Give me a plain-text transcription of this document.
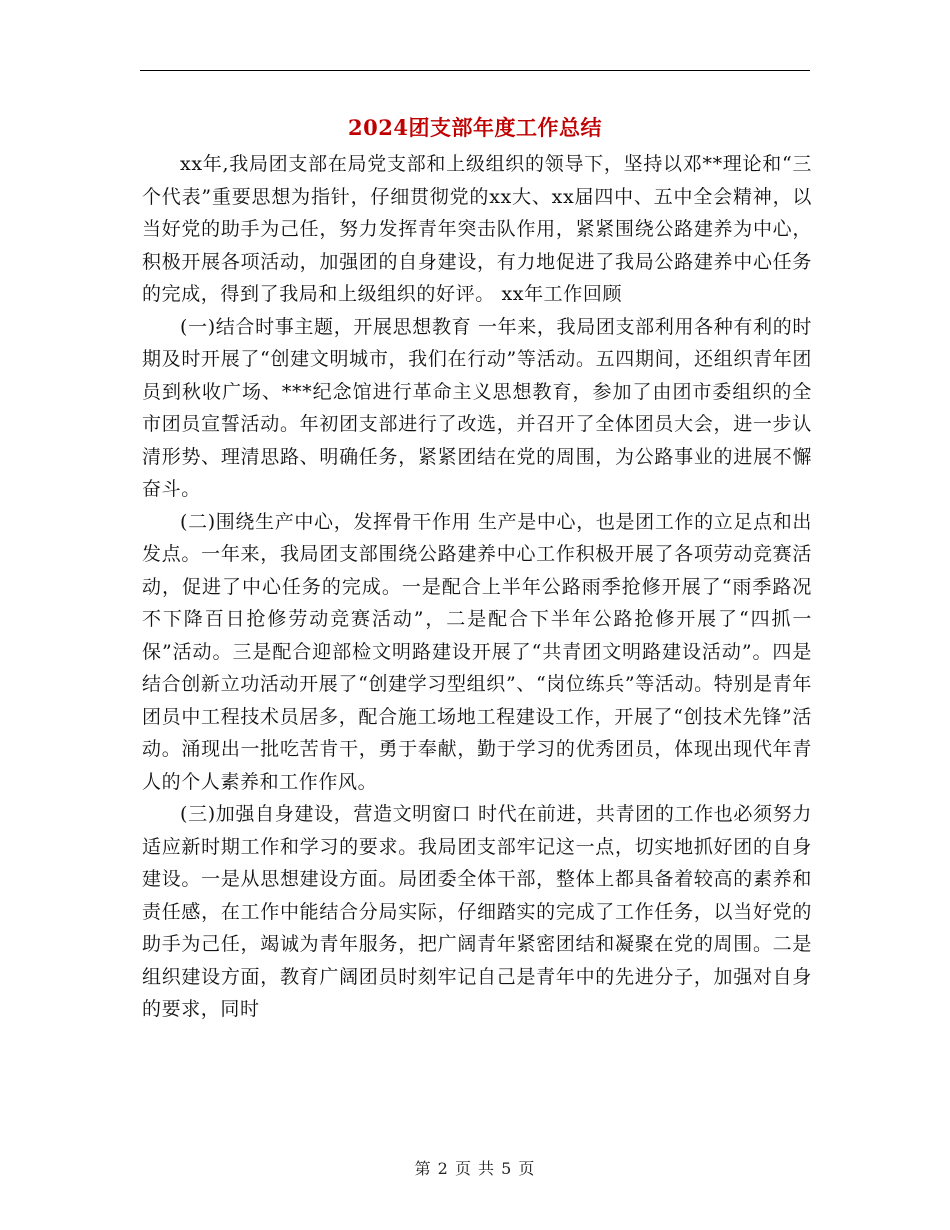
2024团支部年度工作总结

xx年,我局团支部在局党支部和上级组织的领导下，坚持以邓**理论和“三个代表”重要思想为指针，仔细贯彻党的xx大、xx届四中、五中全会精神，以当好党的助手为己任，努力发挥青年突击队作用，紧紧围绕公路建养为中心，积极开展各项活动，加强团的自身建设，有力地促进了我局公路建养中心任务的完成，得到了我局和上级组织的好评。 xx年工作回顾

(一)结合时事主题，开展思想教育 一年来，我局团支部利用各种有利的时期及时开展了“创建文明城市，我们在行动”等活动。五四期间，还组织青年团员到秋收广场、***纪念馆进行革命主义思想教育，参加了由团市委组织的全市团员宣誓活动。年初团支部进行了改选，并召开了全体团员大会，进一步认清形势、理清思路、明确任务，紧紧团结在党的周围，为公路事业的进展不懈奋斗。

(二)围绕生产中心，发挥骨干作用 生产是中心，也是团工作的立足点和出发点。一年来，我局团支部围绕公路建养中心工作积极开展了各项劳动竞赛活动，促进了中心任务的完成。一是配合上半年公路雨季抢修开展了“雨季路况不下降百日抢修劳动竞赛活动”，二是配合下半年公路抢修开展了“四抓一保”活动。三是配合迎部检文明路建设开展了“共青团文明路建设活动”。四是结合创新立功活动开展了“创建学习型组织”、“岗位练兵”等活动。特别是青年团员中工程技术员居多，配合施工场地工程建设工作，开展了“创技术先锋”活动。涌现出一批吃苦肯干，勇于奉献，勤于学习的优秀团员，体现出现代年青人的个人素养和工作作风。

(三)加强自身建设，营造文明窗口 时代在前进，共青团的工作也必须努力适应新时期工作和学习的要求。我局团支部牢记这一点，切实地抓好团的自身建设。一是从思想建设方面。局团委全体干部，整体上都具备着较高的素养和责任感，在工作中能结合分局实际，仔细踏实的完成了工作任务，以当好党的助手为己任，竭诚为青年服务，把广阔青年紧密团结和凝聚在党的周围。二是组织建设方面，教育广阔团员时刻牢记自己是青年中的先进分子，加强对自身的要求，同时

第 2 页 共 5 页
